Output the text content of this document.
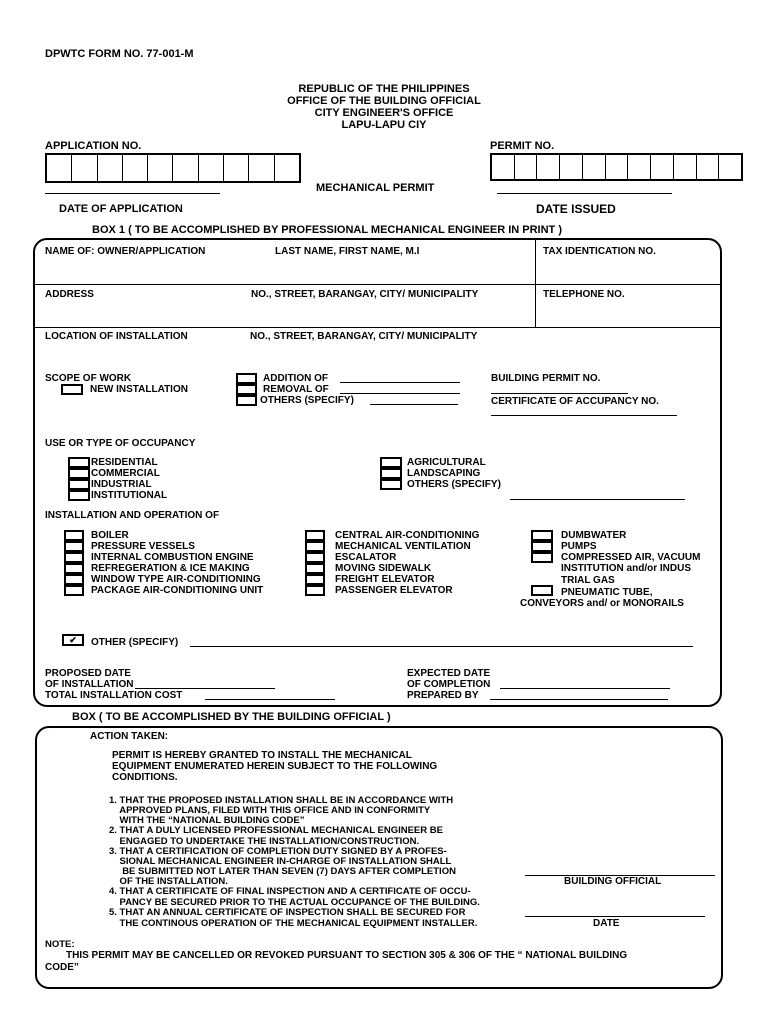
DPWTC FORM NO. 77-001-M
REPUBLIC OF THE PHILIPPINES
OFFICE OF THE BUILDING OFFICIAL
CITY ENGINEER'S OFFICE
LAPU-LAPU CIY
APPLICATION NO.	PERMIT NO.
MECHANICAL PERMIT
DATE OF APPLICATION	DATE ISSUED
BOX 1 ( TO BE ACCOMPLISHED BY PROFESSIONAL MECHANICAL ENGINEER IN PRINT )
NAME OF: OWNER/APPLICATION	LAST NAME, FIRST NAME, M.I	TAX IDENTICATION NO.
ADDRESS	NO., STREET, BARANGAY, CITY/ MUNICIPALITY	TELEPHONE NO.
LOCATION OF INSTALLATION	NO., STREET, BARANGAY, CITY/ MUNICIPALITY
SCOPE OF WORK
NEW INSTALLATION
ADDITION OF
REMOVAL OF
OTHERS (SPECIFY)
BUILDING PERMIT NO.
CERTIFICATE OF ACCUPANCY NO.
USE OR TYPE OF OCCUPANCY
RESIDENTIAL
COMMERCIAL
INDUSTRIAL
INSTITUTIONAL
AGRICULTURAL
LANDSCAPING
OTHERS (SPECIFY)
INSTALLATION AND OPERATION OF
BOILER
PRESSURE VESSELS
INTERNAL COMBUSTION ENGINE
REFREGERATION & ICE MAKING
WINDOW TYPE AIR-CONDITIONING
PACKAGE AIR-CONDITIONING UNIT
CENTRAL AIR-CONDITIONING
MECHANICAL VENTILATION
ESCALATOR
MOVING SIDEWALK
FREIGHT ELEVATOR
PASSENGER ELEVATOR
DUMBWATER
PUMPS
COMPRESSED AIR, VACUUM
INSTITUTION and/or INDUS
TRIAL GAS
PNEUMATIC TUBE,
CONVEYORS and/ or MONORAILS
✔	OTHER (SPECIFY)
PROPOSED DATE
OF INSTALLATION
TOTAL INSTALLATION COST
EXPECTED DATE
OF COMPLETION
PREPARED BY
BOX ( TO BE ACCOMPLISHED BY THE BUILDING OFFICIAL )
ACTION TAKEN:
PERMIT IS HEREBY GRANTED TO INSTALL THE MECHANICAL
EQUIPMENT ENUMERATED HEREIN SUBJECT TO THE FOLLOWING
CONDITIONS.
1. THAT THE PROPOSED INSTALLATION SHALL BE IN ACCORDANCE WITH
APPROVED PLANS, FILED WITH THIS OFFICE AND IN CONFORMITY
WITH THE “NATIONAL BUILDING CODE”
2. THAT A DULY LICENSED PROFESSIONAL MECHANICAL ENGINEER BE
ENGAGED TO UNDERTAKE THE INSTALLATION/CONSTRUCTION.
3. THAT A CERTIFICATION OF COMPLETION DUTY SIGNED BY A PROFES-
SIONAL MECHANICAL ENGINEER IN-CHARGE OF INSTALLATION SHALL
BE SUBMITTED NOT LATER THAN SEVEN (7) DAYS AFTER COMPLETION
OF THE INSTALLATION.
4. THAT A CERTIFICATE OF FINAL INSPECTION AND A CERTIFICATE OF OCCU-
PANCY BE SECURED PRIOR TO THE ACTUAL OCCUPANCE OF THE BUILDING.
5. THAT AN ANNUAL CERTIFICATE OF INSPECTION SHALL BE SECURED FOR
THE CONTINOUS OPERATION OF THE MECHANICAL EQUIPMENT INSTALLER.
BUILDING OFFICIAL
DATE
NOTE:
THIS PERMIT MAY BE CANCELLED OR REVOKED PURSUANT TO SECTION 305 & 306 OF THE “ NATIONAL BUILDING
CODE”
